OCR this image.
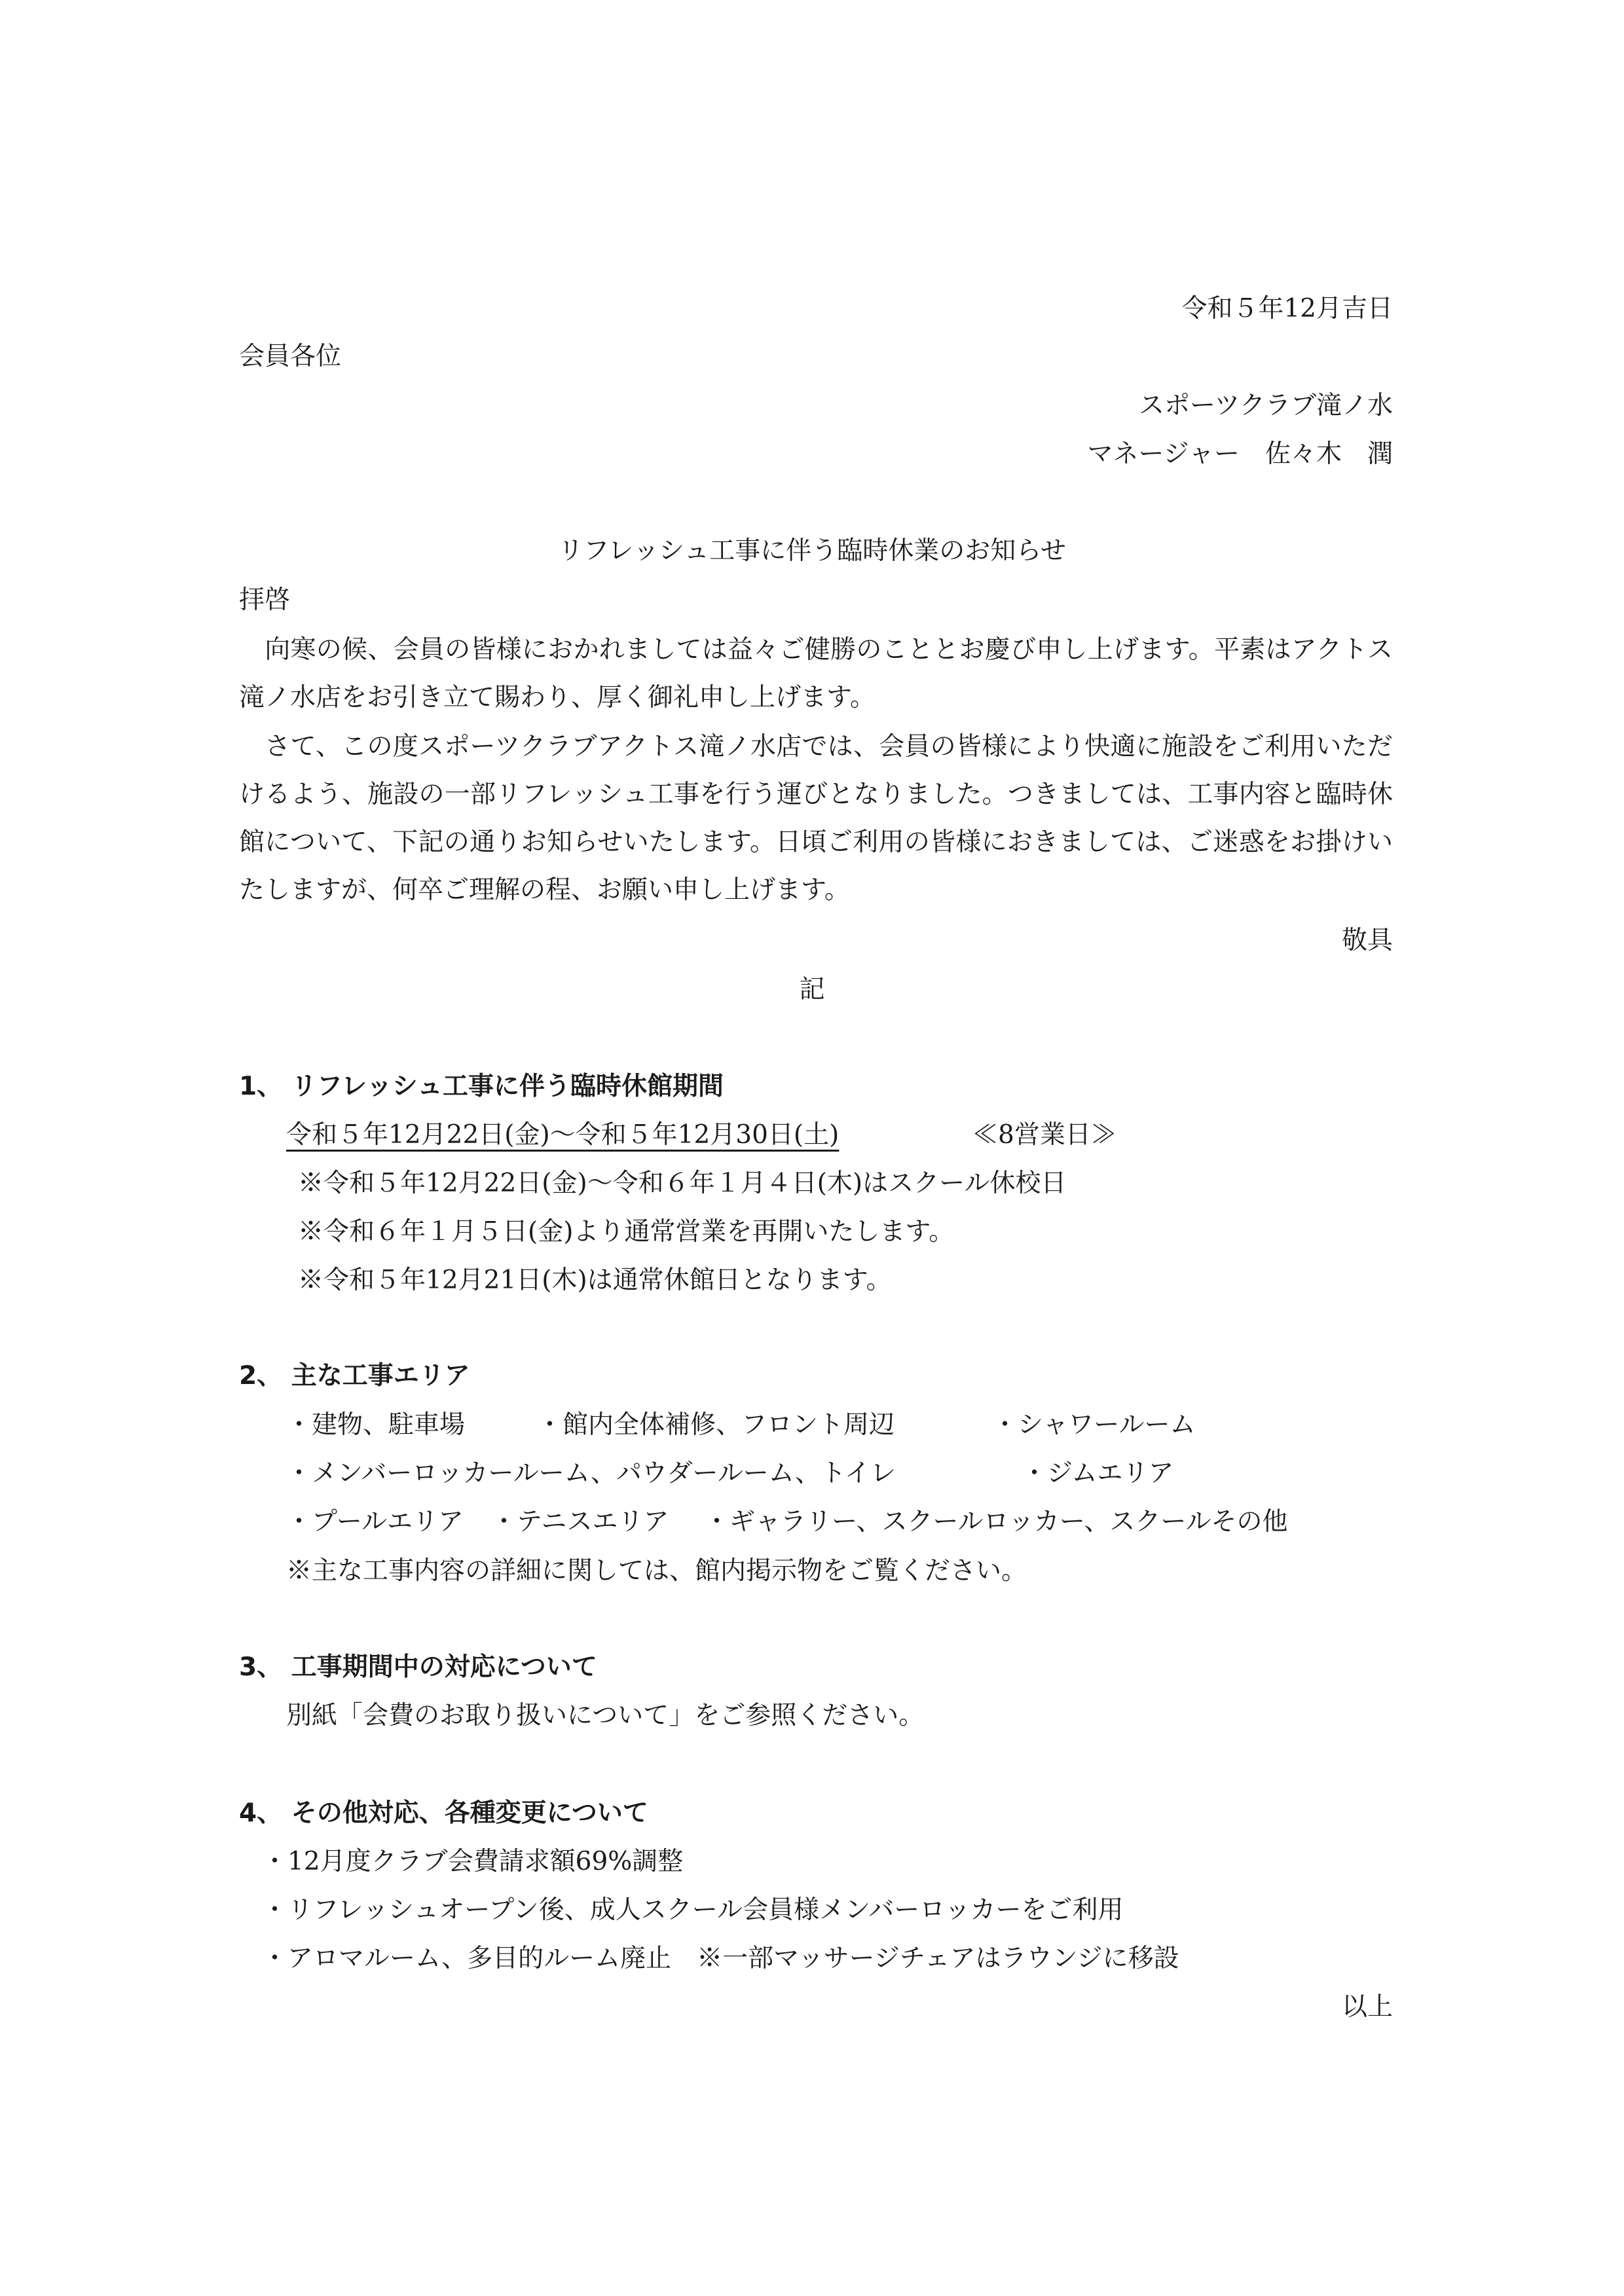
令和５年12月吉日
会員各位
スポーツクラブ滝ノ水
マネージャー　佐々木　潤
リフレッシュ工事に伴う臨時休業のお知らせ
拝啓
　向寒の候、会員の皆様におかれましては益々ご健勝のこととお慶び申し上げます。平素はアクトス滝ノ水店をお引き立て賜わり、厚く御礼申し上げます。
　さて、この度スポーツクラブアクトス滝ノ水店では、会員の皆様により快適に施設をご利用いただけるよう、施設の一部リフレッシュ工事を行う運びとなりました。つきましては、工事内容と臨時休館について、下記の通りお知らせいたします。日頃ご利用の皆様におきましては、ご迷惑をお掛けいたしますが、何卒ご理解の程、お願い申し上げます。
敬具
記
1、 リフレッシュ工事に伴う臨時休館期間
令和５年12月22日(金)～令和５年12月30日(土)	≪8営業日≫
※令和５年12月22日(金)～令和６年１月４日(木)はスクール休校日
※令和６年１月５日(金)より通常営業を再開いたします。
※令和５年12月21日(木)は通常休館日となります。
2、 主な工事エリア
・建物、駐車場	・館内全体補修、フロント周辺	・シャワールーム
・メンバーロッカールーム、パウダールーム、トイレ	・ジムエリア
・プールエリア ・テニスエリア ・ギャラリー、スクールロッカー、スクールその他
※主な工事内容の詳細に関しては、館内掲示物をご覧ください。
3、 工事期間中の対応について
別紙「会費のお取り扱いについて」をご参照ください。
4、 その他対応、各種変更について
・12月度クラブ会費請求額69%調整
・リフレッシュオープン後、成人スクール会員様メンバーロッカーをご利用
・アロマルーム、多目的ルーム廃止　※一部マッサージチェアはラウンジに移設
以上
